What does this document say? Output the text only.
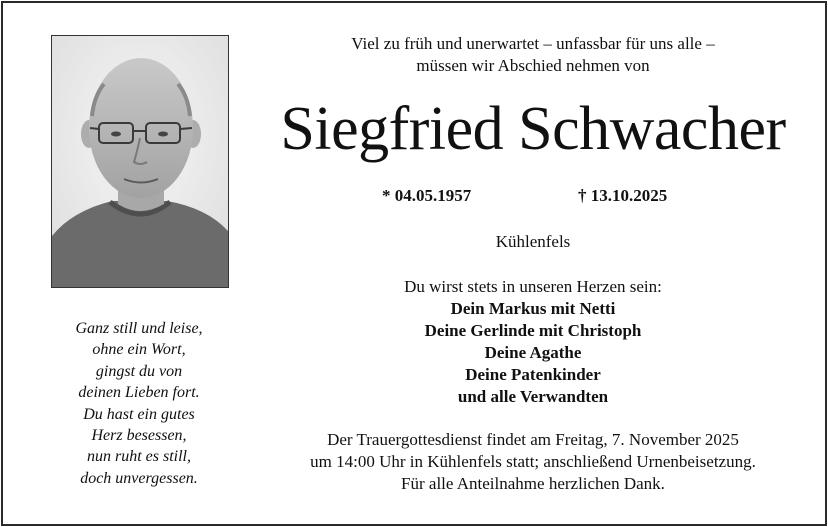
Ganz still und leise,
ohne ein Wort,
gingst du von
deinen Lieben fort.
Du hast ein gutes
Herz besessen,
nun ruht es still,
doch unvergessen.
Viel zu früh und unerwartet – unfassbar für uns alle –
müssen wir Abschied nehmen von
Siegfried Schwacher
* 04.05.1957	† 13.10.2025
Kühlenfels
Du wirst stets in unseren Herzen sein:
Dein Markus mit Netti
Deine Gerlinde mit Christoph
Deine Agathe
Deine Patenkinder
und alle Verwandten
Der Trauergottesdienst findet am Freitag, 7. November 2025
um 14:00 Uhr in Kühlenfels statt; anschließend Urnenbeisetzung.
Für alle Anteilnahme herzlichen Dank.
